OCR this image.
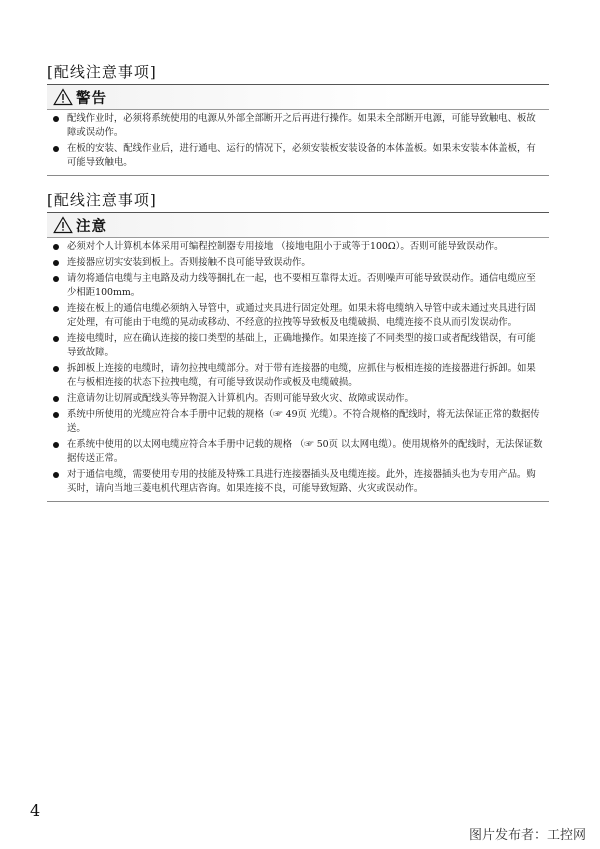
[配线注意事项]
警告
配线作业时，必须将系统使用的电源从外部全部断开之后再进行操作。如果未全部断开电源，可能导致触电、板故障或误动作。
在板的安装、配线作业后，进行通电、运行的情况下，必须安装板安装设备的本体盖板。如果未安装本体盖板，有可能导致触电。
[配线注意事项]
注意
必须对个人计算机本体采用可编程控制器专用接地 （接地电阻小于或等于100Ω）。否则可能导致误动作。
连接器应切实安装到板上。否则接触不良可能导致误动作。
请勿将通信电缆与主电路及动力线等捆扎在一起，也不要相互靠得太近。否则噪声可能导致误动作。通信电缆应至少相距100mm。
连接在板上的通信电缆必须纳入导管中，或通过夹具进行固定处理。如果未将电缆纳入导管中或未通过夹具进行固定处理，有可能由于电缆的晃动或移动、不经意的拉拽等导致板及电缆破损、电缆连接不良从而引发误动作。
连接电缆时，应在确认连接的接口类型的基础上，正确地操作。如果连接了不同类型的接口或者配线错误，有可能导致故障。
拆卸板上连接的电缆时，请勿拉拽电缆部分。对于带有连接器的电缆，应抓住与板相连接的连接器进行拆卸。如果在与板相连接的状态下拉拽电缆，有可能导致误动作或板及电缆破损。
注意请勿让切屑或配线头等异物混入计算机内。否则可能导致火灾、故障或误动作。
系统中所使用的光缆应符合本手册中记载的规格（☞ 49页 光缆）。不符合规格的配线时，将无法保证正常的数据传送。
在系统中使用的以太网电缆应符合本手册中记载的规格 （☞ 50页 以太网电缆）。使用规格外的配线时，无法保证数据传送正常。
对于通信电缆，需要使用专用的技能及特殊工具进行连接器插头及电缆连接。此外，连接器插头也为专用产品。购买时，请向当地三菱电机代理店咨询。如果连接不良，可能导致短路、火灾或误动作。
4
图片发布者：工控网
